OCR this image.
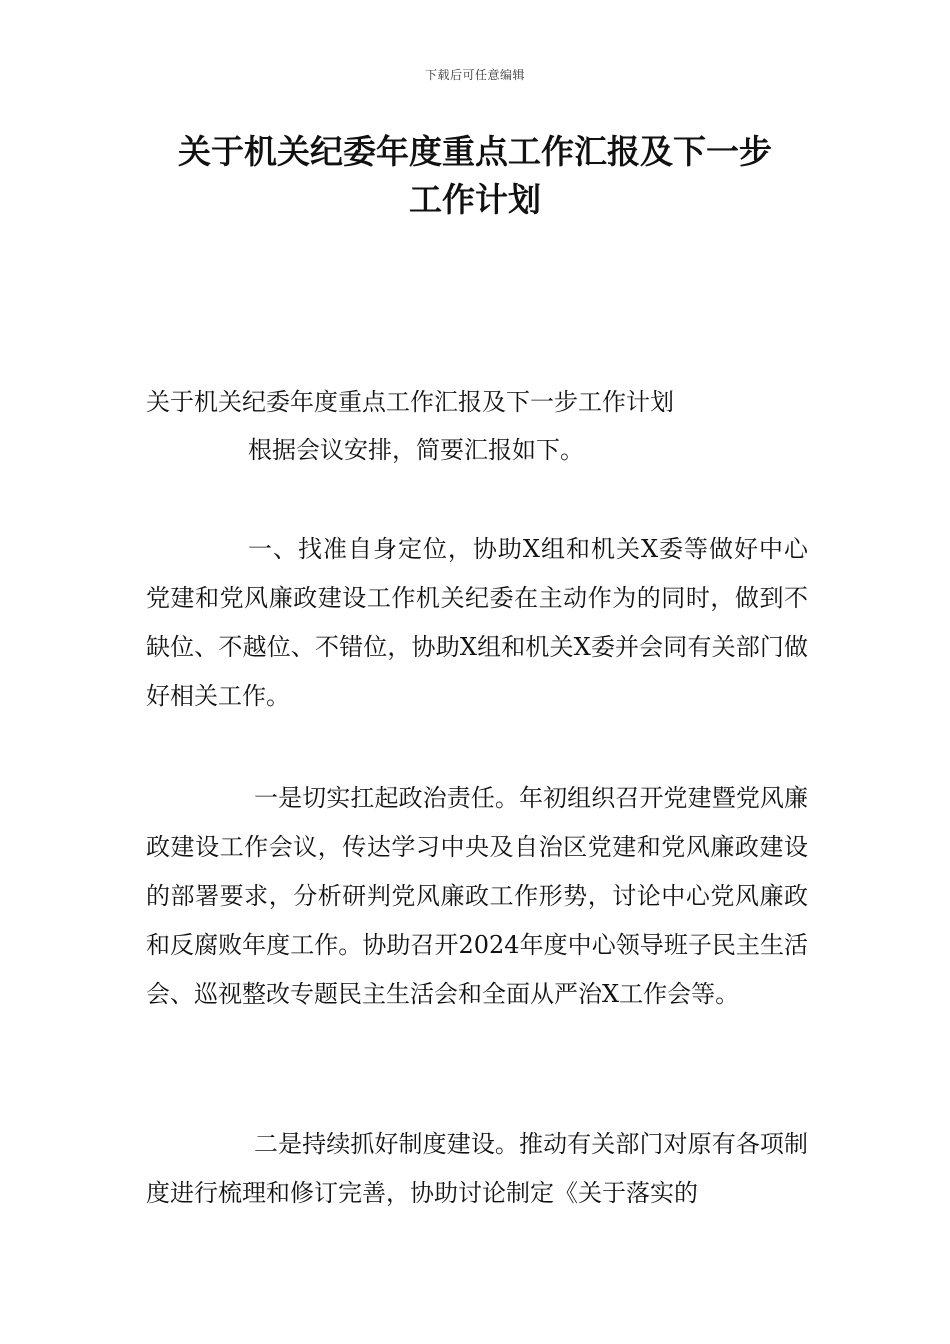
下载后可任意编辑
关于机关纪委年度重点工作汇报及下一步
工作计划
关于机关纪委年度重点工作汇报及下一步工作计划
根据会议安排，简要汇报如下。
一、找准自身定位，协助X组和机关X委等做好中心党建和党风廉政建设工作机关纪委在主动作为的同时，做到不缺位、不越位、不错位，协助X组和机关X委并会同有关部门做好相关工作。
一是切实扛起政治责任。年初组织召开党建暨党风廉政建设工作会议，传达学习中央及自治区党建和党风廉政建设的部署要求，分析研判党风廉政工作形势，讨论中心党风廉政和反腐败年度工作。协助召开2024年度中心领导班子民主生活会、巡视整改专题民主生活会和全面从严治X工作会等。
二是持续抓好制度建设。推动有关部门对原有各项制度进行梳理和修订完善，协助讨论制定《关于落实的
